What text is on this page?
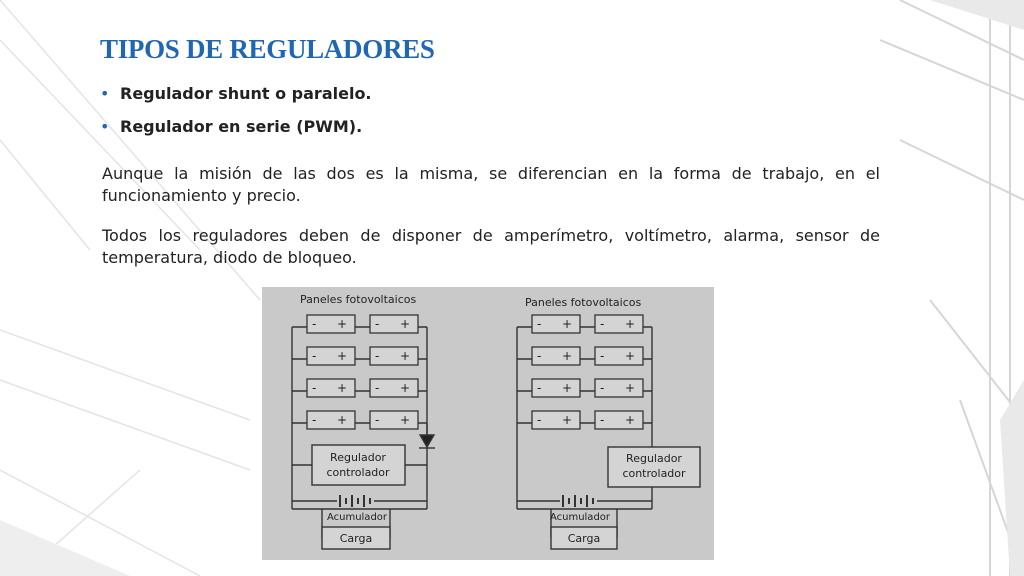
TIPOS DE REGULADORES
• Regulador shunt o paralelo.
• Regulador en serie (PWM).

Aunque la misión de las dos es la misma, se diferencian en la forma de trabajo, en el funcionamiento y precio.

Todos los reguladores deben de disponer de amperímetro, voltímetro, alarma, sensor de temperatura, diodo de bloqueo.

Paneles fotovoltaicos
Regulador
controlador
Acumulador
Carga
Paneles fotovoltaicos
Regulador
controlador
Acumulador
Carga
- + - +
- + - +
- + - +
- + - +
- + - +
- + - +
- + - +
- + - +
